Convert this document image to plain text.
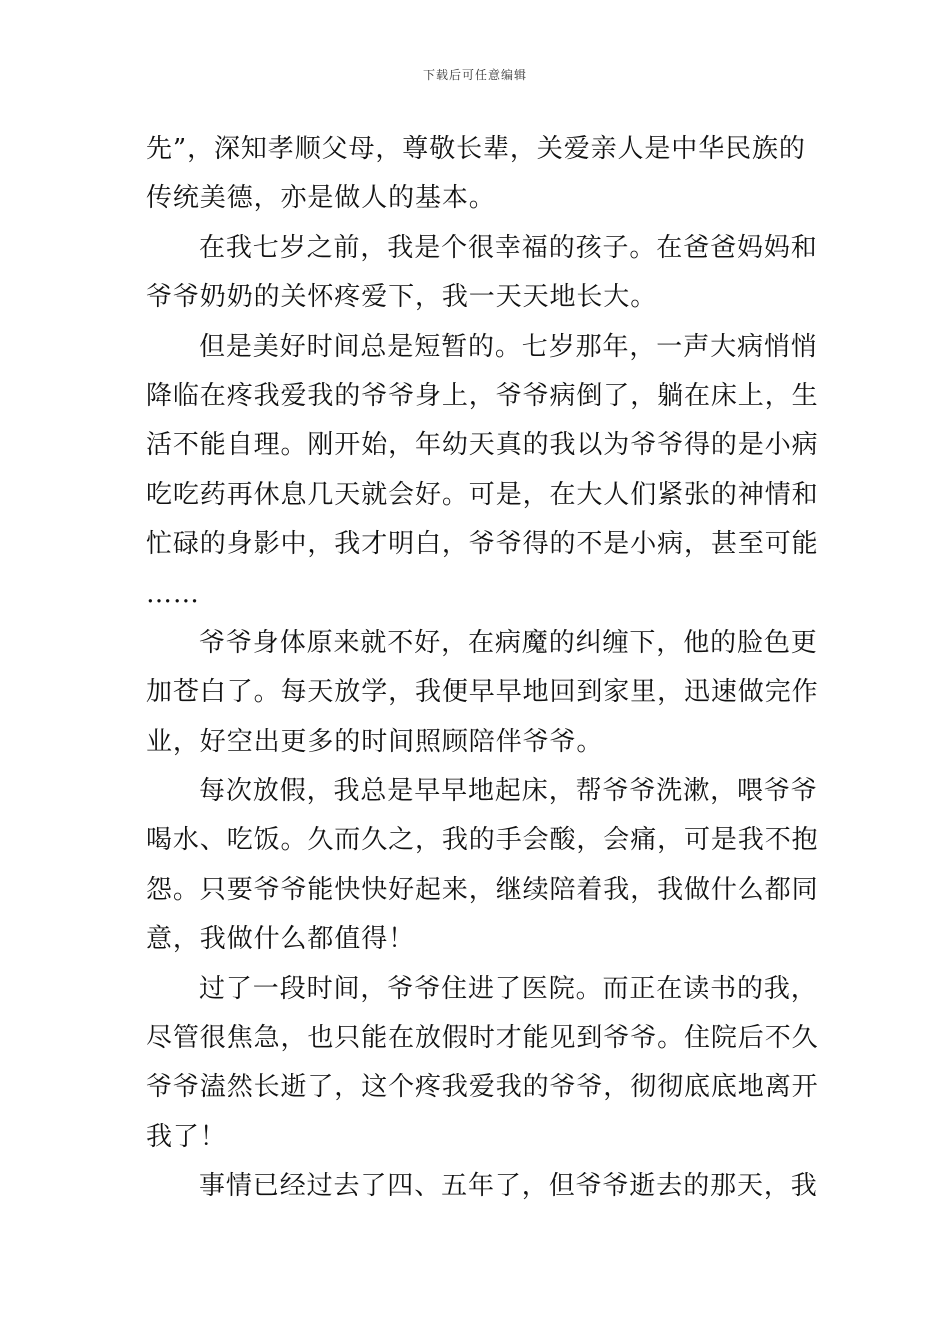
下载后可任意编辑
先”，深知孝顺父母，尊敬长辈，关爱亲人是中华民族的
传统美德，亦是做人的基本。
在我七岁之前，我是个很幸福的孩子。在爸爸妈妈和
爷爷奶奶的关怀疼爱下，我一天天地长大。
但是美好时间总是短暂的。七岁那年，一声大病悄悄
降临在疼我爱我的爷爷身上，爷爷病倒了，躺在床上，生
活不能自理。刚开始，年幼天真的我以为爷爷得的是小病
吃吃药再休息几天就会好。可是，在大人们紧张的神情和
忙碌的身影中，我才明白，爷爷得的不是小病，甚至可能
……
爷爷身体原来就不好，在病魔的纠缠下，他的脸色更
加苍白了。每天放学，我便早早地回到家里，迅速做完作
业，好空出更多的时间照顾陪伴爷爷。
每次放假，我总是早早地起床，帮爷爷洗漱，喂爷爷
喝水、吃饭。久而久之，我的手会酸，会痛，可是我不抱
怨。只要爷爷能快快好起来，继续陪着我，我做什么都同
意，我做什么都值得！
过了一段时间，爷爷住进了医院。而正在读书的我，
尽管很焦急，也只能在放假时才能见到爷爷。住院后不久
爷爷溘然长逝了，这个疼我爱我的爷爷，彻彻底底地离开
我了！
事情已经过去了四、五年了，但爷爷逝去的那天，我
